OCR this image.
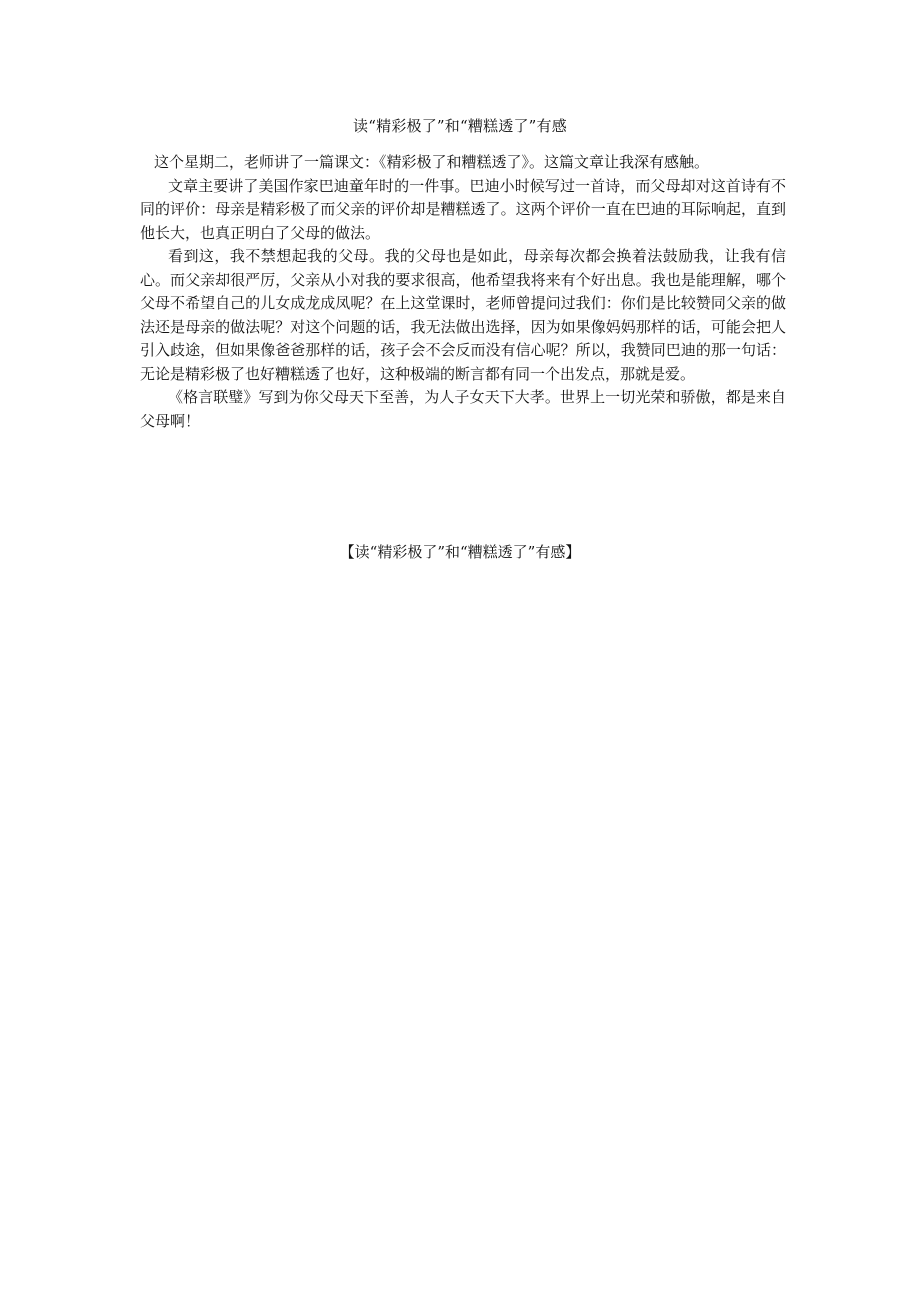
读“精彩极了”和“糟糕透了”有感

这个星期二，老师讲了一篇课文：《精彩极了和糟糕透了》。这篇文章让我深有感触。

文章主要讲了美国作家巴迪童年时的一件事。巴迪小时候写过一首诗，而父母却对这首诗有不同的评价：母亲是精彩极了而父亲的评价却是糟糕透了。这两个评价一直在巴迪的耳际响起，直到他长大，也真正明白了父母的做法。

看到这，我不禁想起我的父母。我的父母也是如此，母亲每次都会换着法鼓励我，让我有信心。而父亲却很严厉，父亲从小对我的要求很高，他希望我将来有个好出息。我也是能理解，哪个父母不希望自己的儿女成龙成凤呢？在上这堂课时，老师曾提问过我们：你们是比较赞同父亲的做法还是母亲的做法呢？对这个问题的话，我无法做出选择，因为如果像妈妈那样的话，可能会把人引入歧途，但如果像爸爸那样的话，孩子会不会反而没有信心呢？所以，我赞同巴迪的那一句话：无论是精彩极了也好糟糕透了也好，这种极端的断言都有同一个出发点，那就是爱。

《格言联璧》写到为你父母天下至善，为人子女天下大孝。世界上一切光荣和骄傲，都是来自父母啊！

【读“精彩极了”和“糟糕透了”有感】
